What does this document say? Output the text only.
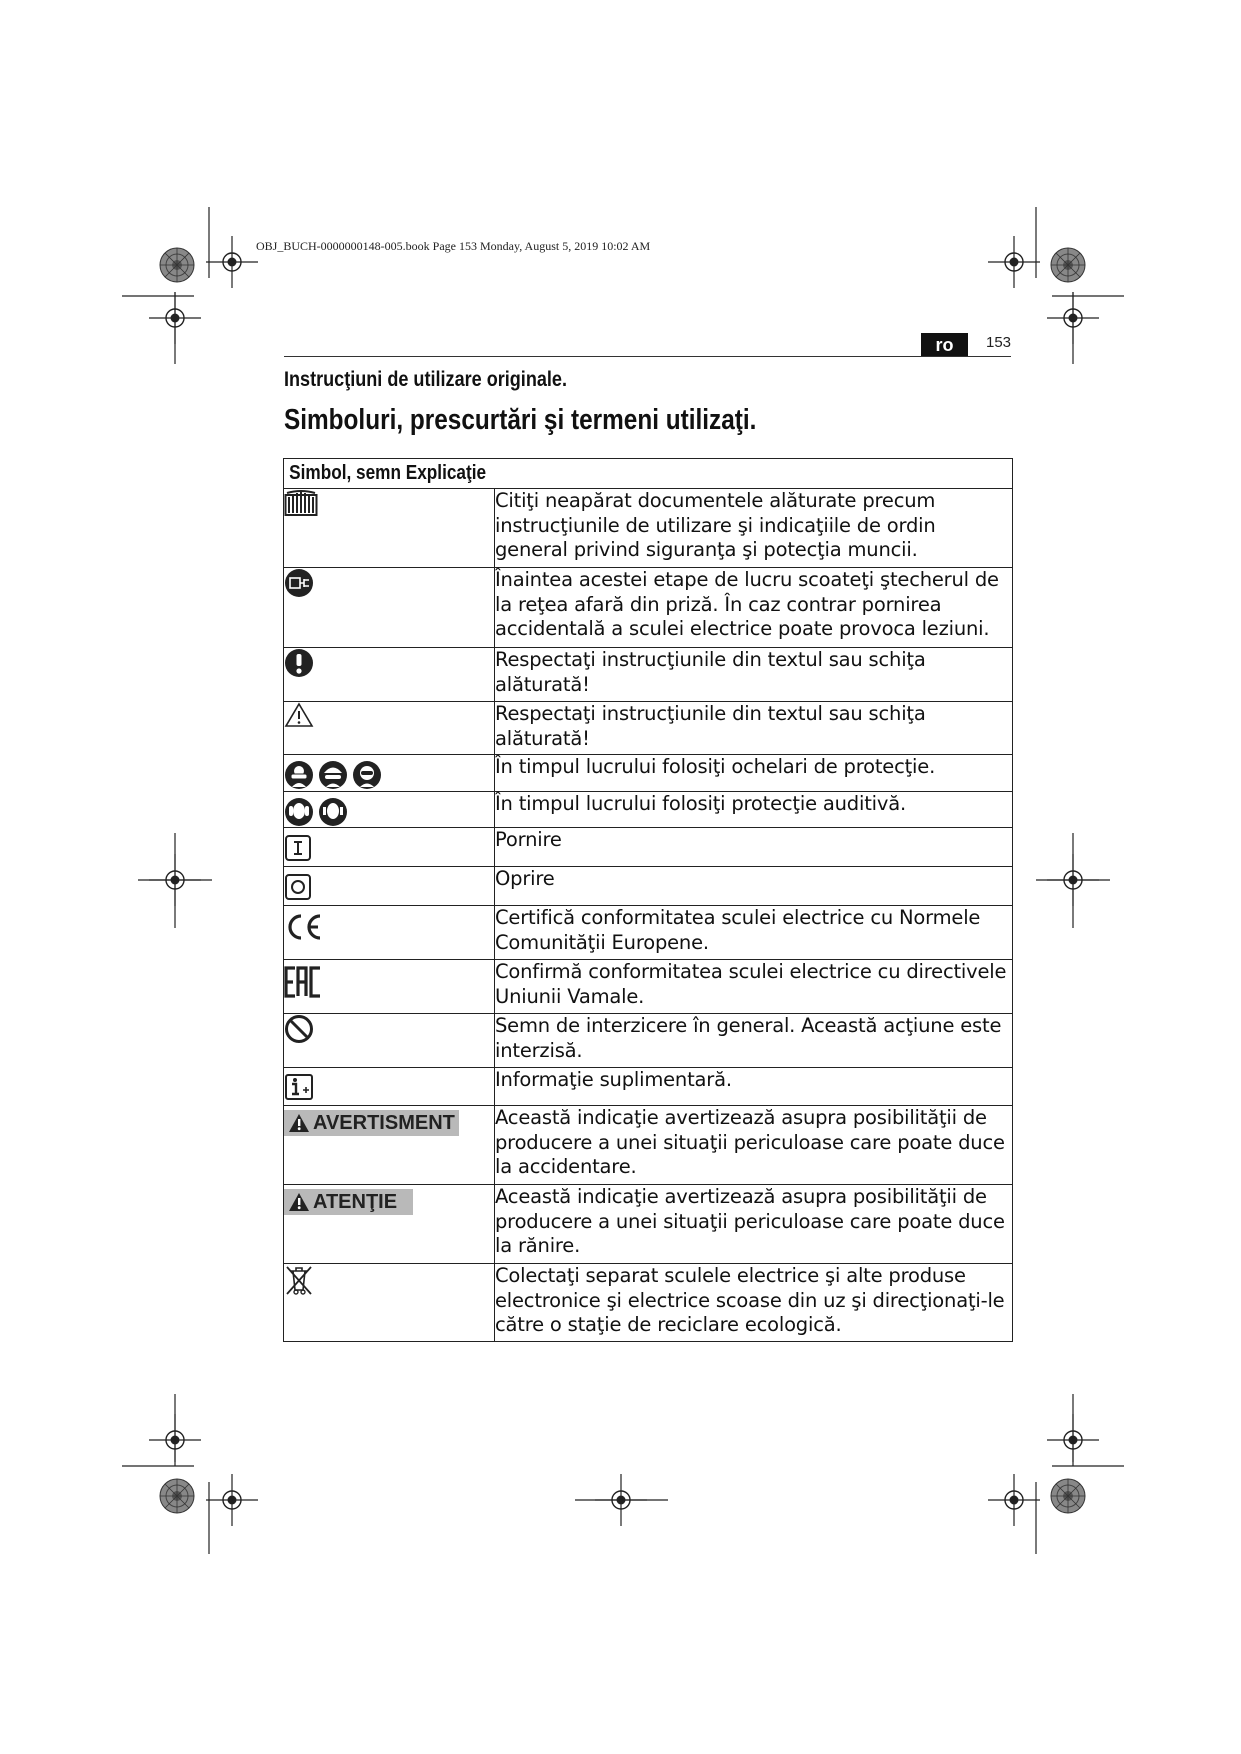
OBJ_BUCH-0000000148-005.book Page 153 Monday, August 5, 2019 10:02 AM
ro	153
Instrucţiuni de utilizare originale.
Simboluri, prescurtări şi termeni utilizaţi.
Simbol, semn Explicaţie	

	Citiţi neapărat documentele alăturate precum instrucţiunile de utilizare şi indicaţiile de ordin general privind siguranţa şi potecţia muncii.

	Înaintea acestei etape de lucru scoateţi ştecherul de la reţea afară din priză. În caz contrar pornirea accidentală a sculei electrice poate provoca leziuni.

	Respectaţi instrucţiunile din textul sau schiţa alăturată!

	Respectaţi instrucţiunile din textul sau schiţa alăturată!

	În timpul lucrului folosiţi ochelari de protecţie.

	În timpul lucrului folosiţi protecţie auditivă.

	Pornire

	Oprire

	Certifică conformitatea sculei electrice cu Normele Comunităţii Europene.

	Confirmă conformitatea sculei electrice cu directivele Uniunii Vamale.

	Semn de interzicere în general. Această acţiune este interzisă.

	Informaţie suplimentară.

AVERTISMENT	Această indicaţie avertizează asupra posibilităţii de producere a unei situaţii periculoase care poate duce la accidentare.

ATENŢIE	Această indicaţie avertizează asupra posibilităţii de producere a unei situaţii periculoase care poate duce la rănire.

	Colectaţi separat sculele electrice şi alte produse electronice şi electrice scoase din uz şi direcţionaţi-le către o staţie de reciclare ecologică.
